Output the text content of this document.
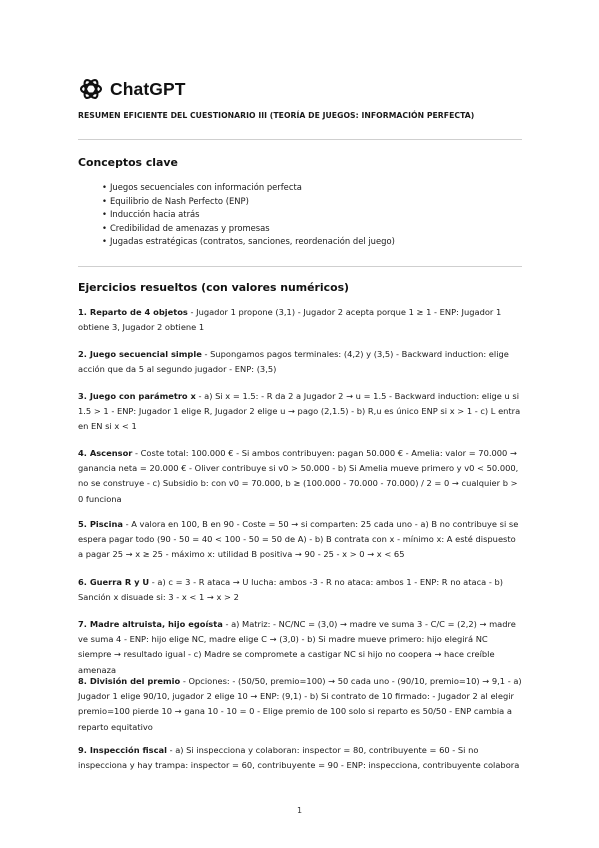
ChatGPT
RESUMEN EFICIENTE DEL CUESTIONARIO III (TEORÍA DE JUEGOS: INFORMACIÓN PERFECTA)
Conceptos clave
• Juegos secuenciales con información perfecta
• Equilibrio de Nash Perfecto (ENP)
• Inducción hacia atrás
• Credibilidad de amenazas y promesas
• Jugadas estratégicas (contratos, sanciones, reordenación del juego)
Ejercicios resueltos (con valores numéricos)
1. Reparto de 4 objetos - Jugador 1 propone (3,1) - Jugador 2 acepta porque 1 ≥ 1 - ENP: Jugador 1 obtiene 3, Jugador 2 obtiene 1
2. Juego secuencial simple - Supongamos pagos terminales: (4,2) y (3,5) - Backward induction: elige acción que da 5 al segundo jugador - ENP: (3,5)
3. Juego con parámetro x - a) Si x = 1.5: - R da 2 a Jugador 2 → u = 1.5 - Backward induction: elige u si 1.5 > 1 - ENP: Jugador 1 elige R, Jugador 2 elige u → pago (2,1.5) - b) R,u es único ENP si x > 1 - c) L entra en EN si x < 1
4. Ascensor - Coste total: 100.000 € - Si ambos contribuyen: pagan 50.000 € - Amelia: valor = 70.000 → ganancia neta = 20.000 € - Oliver contribuye si v0 > 50.000 - b) Si Amelia mueve primero y v0 < 50.000, no se construye - c) Subsidio b: con v0 = 70.000, b ≥ (100.000 - 70.000 - 70.000) / 2 = 0 → cualquier b > 0 funciona
5. Piscina - A valora en 100, B en 90 - Coste = 50 → si comparten: 25 cada uno - a) B no contribuye si se espera pagar todo (90 - 50 = 40 < 100 - 50 = 50 de A) - b) B contrata con x - mínimo x: A esté dispuesto a pagar 25 → x ≥ 25 - máximo x: utilidad B positiva → 90 - 25 - x > 0 → x < 65
6. Guerra R y U - a) c = 3 - R ataca → U lucha: ambos -3 - R no ataca: ambos 1 - ENP: R no ataca - b) Sanción x disuade si: 3 - x < 1 → x > 2
7. Madre altruista, hijo egoísta - a) Matriz: - NC/NC = (3,0) → madre ve suma 3 - C/C = (2,2) → madre ve suma 4 - ENP: hijo elige NC, madre elige C → (3,0) - b) Si madre mueve primero: hijo elegirá NC siempre → resultado igual - c) Madre se compromete a castigar NC si hijo no coopera → hace creíble amenaza
8. División del premio - Opciones: - (50/50, premio=100) → 50 cada uno - (90/10, premio=10) → 9,1 - a) Jugador 1 elige 90/10, jugador 2 elige 10 → ENP: (9,1) - b) Si contrato de 10 firmado: - Jugador 2 al elegir premio=100 pierde 10 → gana 10 - 10 = 0 - Elige premio de 100 solo si reparto es 50/50 - ENP cambia a reparto equitativo
9. Inspección fiscal - a) Si inspecciona y colaboran: inspector = 80, contribuyente = 60 - Si no inspecciona y hay trampa: inspector = 60, contribuyente = 90 - ENP: inspecciona, contribuyente colabora
1
